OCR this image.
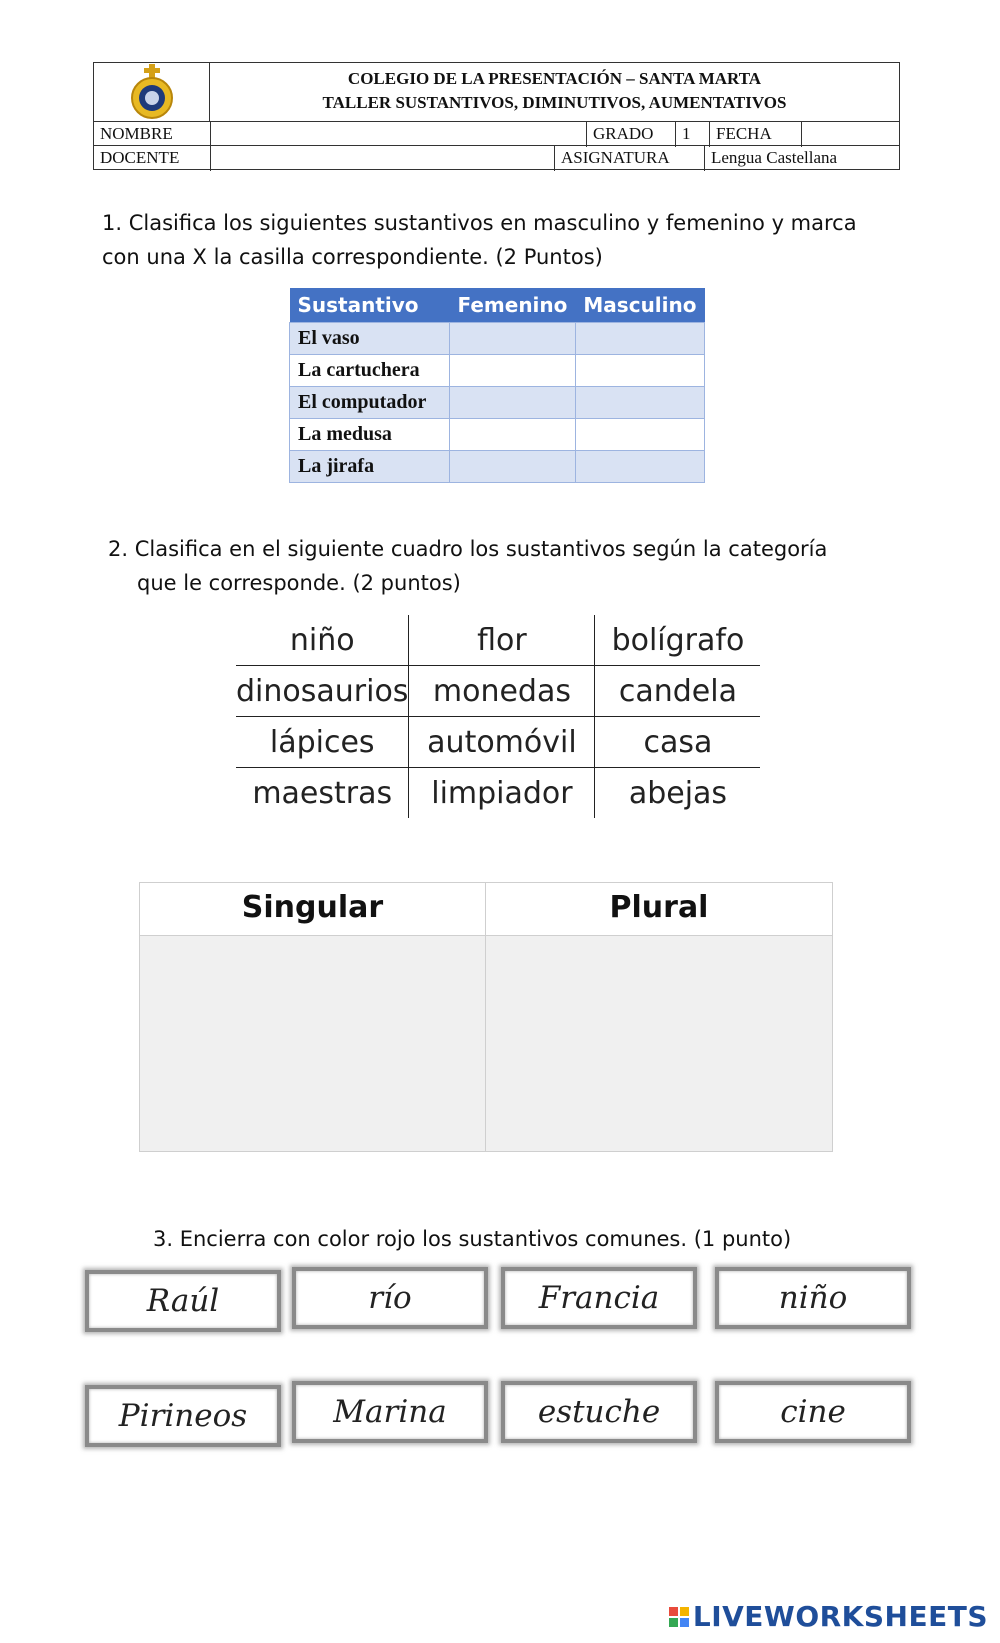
COLEGIO DE LA PRESENTACIÓN – SANTA MARTA
TALLER SUSTANTIVOS, DIMINUTIVOS, AUMENTATIVOS
NOMBRE	GRADO	1	FECHA
DOCENTE	ASIGNATURA	Lengua Castellana
1. Clasifica los siguientes sustantivos en masculino y femenino y marca
con una X la casilla correspondiente. (2 Puntos)
Sustantivo	Femenino	Masculino
El vaso		
La cartuchera		
El computador		
La medusa		
La jirafa		
2. Clasifica en el siguiente cuadro los sustantivos según la categoría
que le corresponde. (2 puntos)
niño	flor	bolígrafo
dinosaurios	monedas	candela
lápices	automóvil	casa
maestras	limpiador	abejas
Singular	Plural
3. Encierra con color rojo los sustantivos comunes. (1 punto)
Raúl	río	Francia	niño
Pirineos	Marina	estuche	cine
LIVEWORKSHEETS
